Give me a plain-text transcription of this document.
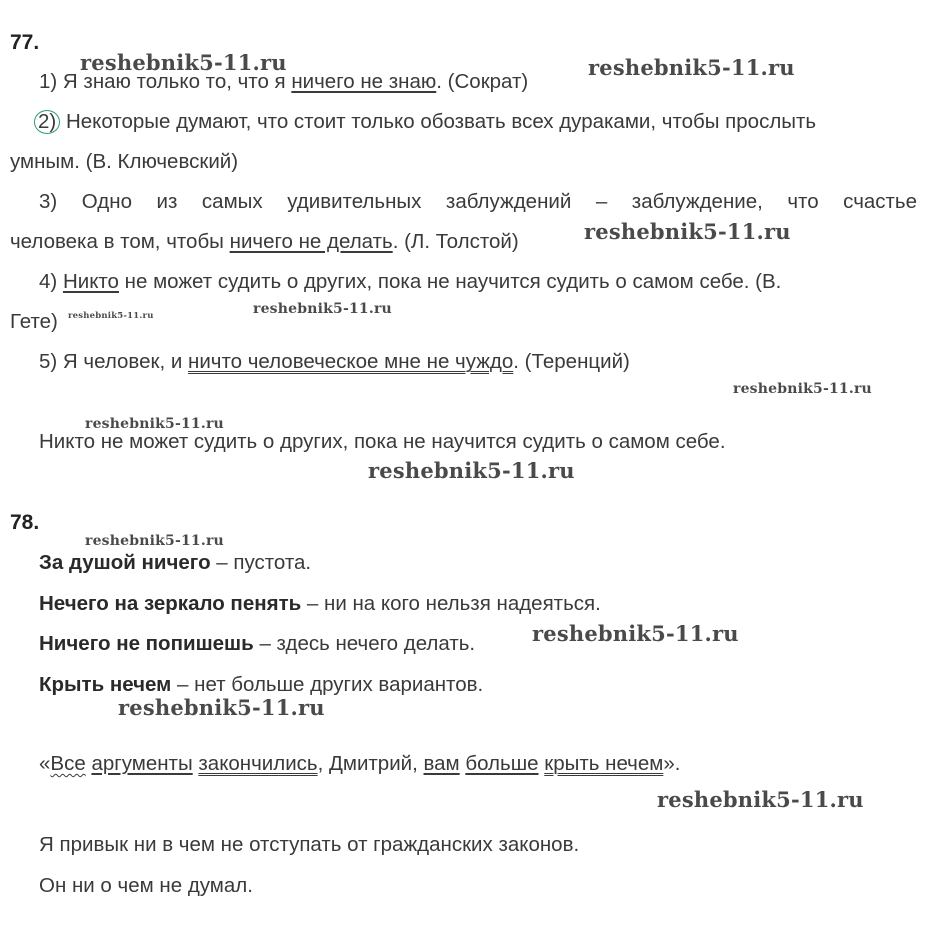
77.
1) Я знаю только то, что я ничего не знаю. (Сократ)
2) Некоторые думают, что стоит только обозвать всех дураками, чтобы прослыть
умным. (В. Ключевский)
3) Одно из самых удивительных заблуждений – заблуждение, что счастье
человека в том, чтобы ничего не делать. (Л. Толстой)
4) Никто не может судить о других, пока не научится судить о самом себе. (В.
Гете)
5) Я человек, и ничто человеческое мне не чуждо. (Теренций)
Никто не может судить о других, пока не научится судить о самом себе.
78.
За душой ничего – пустота.
Нечего на зеркало пенять – ни на кого нельзя надеяться.
Ничего не попишешь – здесь нечего делать.
Крыть нечем – нет больше других вариантов.
«Все аргументы закончились, Дмитрий, вам больше крыть нечем».
Я привык ни в чем не отступать от гражданских законов.
Он ни о чем не думал.
reshebnik5-11.ru	reshebnik5-11.ru
reshebnik5-11.ru
reshebnik5-11.ru	reshebnik5-11.ru
reshebnik5-11.ru
reshebnik5-11.ru
reshebnik5-11.ru
reshebnik5-11.ru
reshebnik5-11.ru
reshebnik5-11.ru
reshebnik5-11.ru
